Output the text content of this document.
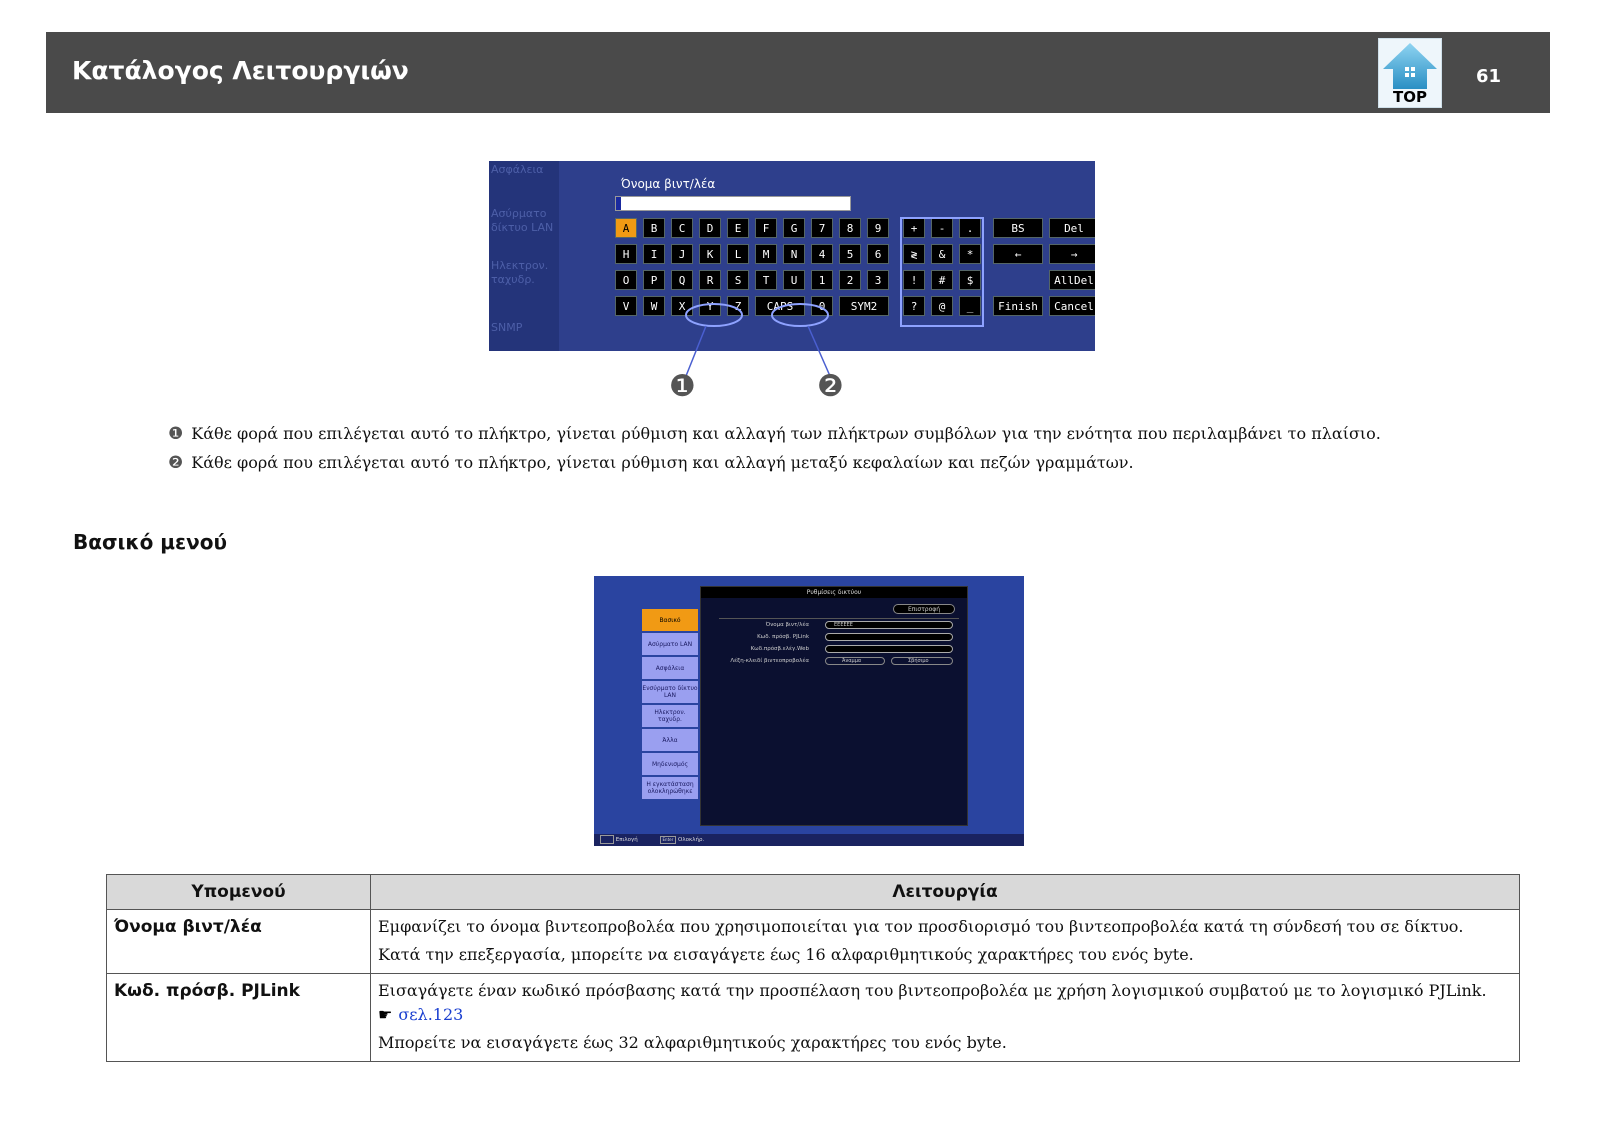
Κατάλογος Λειτουργιών
TOP
61
Ασφάλεια
Ασύρματο
δίκτυο LAN
Ηλεκτρον.
ταχυδρ.
SNMP
Όνομα βιντ/λέα
A	B	C	D	E	F	G	7	8	9
H	I	J	K	L	M	N	4	5	6
O	P	Q	R	S	T	U	1	2	3
V	W	X	Y	Z	CAPS	0	SYM2
+	-	.
≷	&	*
!	#	$
?	@	_
BS	Del
←	→
AllDel
Finish	Cancel
❶	❷
❶ Κάθε φορά που επιλέγεται αυτό το πλήκτρο, γίνεται ρύθμιση και αλλαγή των πλήκτρων συμβόλων για την ενότητα που περιλαμβάνει το πλαίσιο.
❷ Κάθε φορά που επιλέγεται αυτό το πλήκτρο, γίνεται ρύθμιση και αλλαγή μεταξύ κεφαλαίων και πεζών γραμμάτων.
Βασικό μενού
Βασικό
Ασύρματο LAN
Ασφάλεια
Ενσύρματο δίκτυο LAN
Ηλεκτρον. ταχυδρ.
Άλλα
Μηδενισμός
Η εγκατάσταση ολοκληρώθηκε
Ρυθμίσεις δικτύου
Επιστροφή
Όνομα βιντ/λέα	EEEEEE
Κωδ. πρόσβ. PJLink
Κωδ.πρόσβ.ελέγ.Web
Λέξη-κλειδί βιντεοπροβολέα	Άναμμα	Σβήσιμο
Επιλογή	Enter Ολοκλήρ.
Υπομενού	Λειτουργία
Όνομα βιντ/λέα	Εμφανίζει το όνομα βιντεοπροβολέα που χρησιμοποιείται για τον προσδιορισμό του βιντεοπροβολέα κατά τη σύνδεσή του σε δίκτυο.
Κατά την επεξεργασία, μπορείτε να εισαγάγετε έως 16 αλφαριθμητικούς χαρακτήρες του ενός byte.

Κωδ. πρόσβ. PJLink	Εισαγάγετε έναν κωδικό πρόσβασης κατά την προσπέλαση του βιντεοπροβολέα με χρήση λογισμικού συμβατού με το λογισμικό PJLink.
☛ σελ.123
Μπορείτε να εισαγάγετε έως 32 αλφαριθμητικούς χαρακτήρες του ενός byte.
